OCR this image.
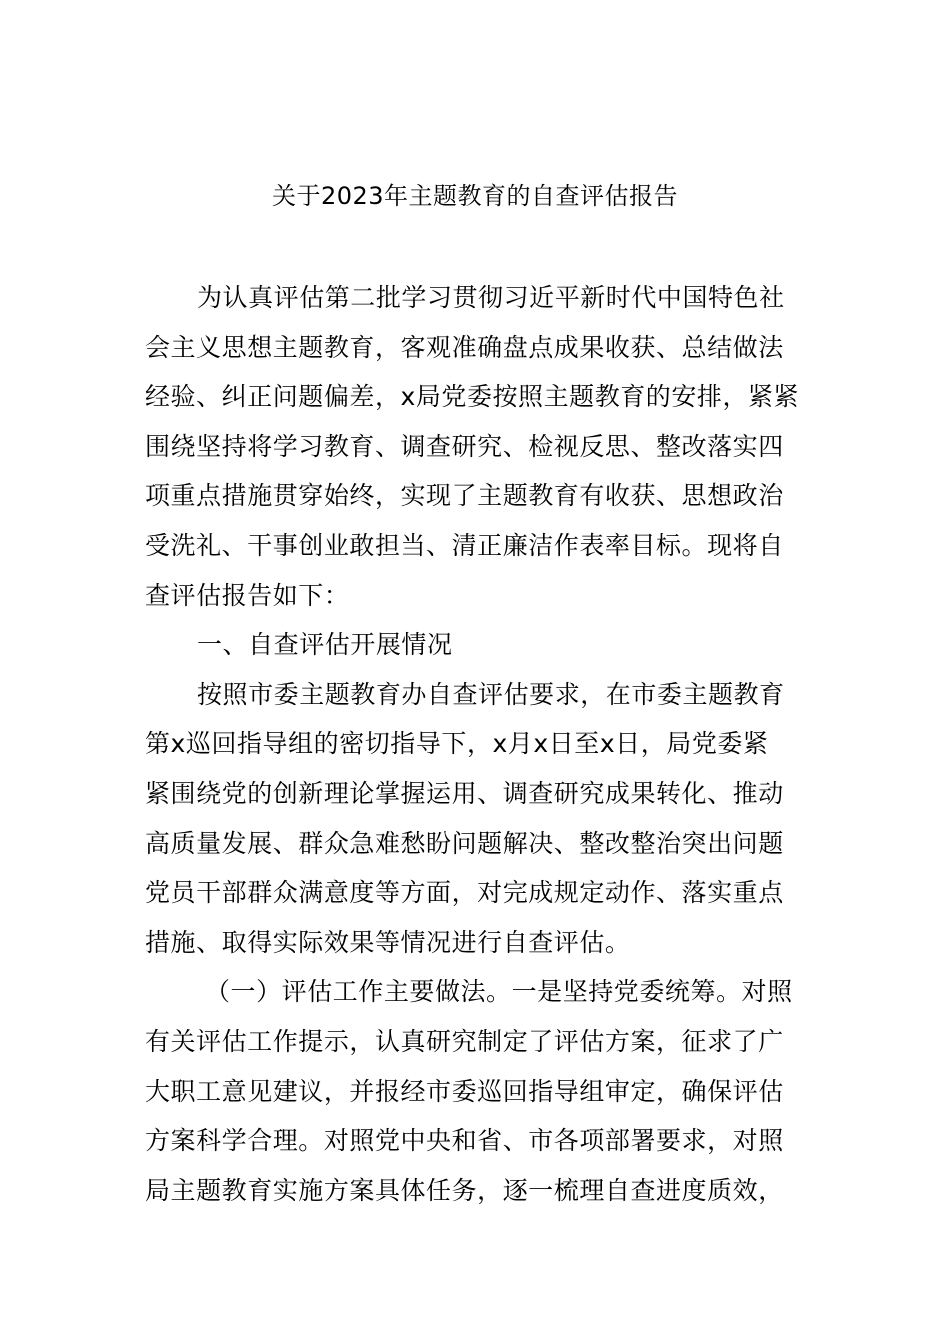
关于2023年主题教育的自查评估报告
为认真评估第二批学习贯彻习近平新时代中国特色社
会主义思想主题教育，客观准确盘点成果收获、总结做法
经验、纠正问题偏差，x局党委按照主题教育的安排，紧紧
围绕坚持将学习教育、调查研究、检视反思、整改落实四
项重点措施贯穿始终，实现了主题教育有收获、思想政治
受洗礼、干事创业敢担当、清正廉洁作表率目标。现将自
查评估报告如下：
一、自查评估开展情况
按照市委主题教育办自查评估要求，在市委主题教育
第x巡回指导组的密切指导下，x月x日至x日，局党委紧
紧围绕党的创新理论掌握运用、调查研究成果转化、推动
高质量发展、群众急难愁盼问题解决、整改整治突出问题
党员干部群众满意度等方面，对完成规定动作、落实重点
措施、取得实际效果等情况进行自查评估。
（一）评估工作主要做法。一是坚持党委统筹。对照
有关评估工作提示，认真研究制定了评估方案，征求了广
大职工意见建议，并报经市委巡回指导组审定，确保评估
方案科学合理。对照党中央和省、市各项部署要求，对照
局主题教育实施方案具体任务，逐一梳理自查进度质效，
